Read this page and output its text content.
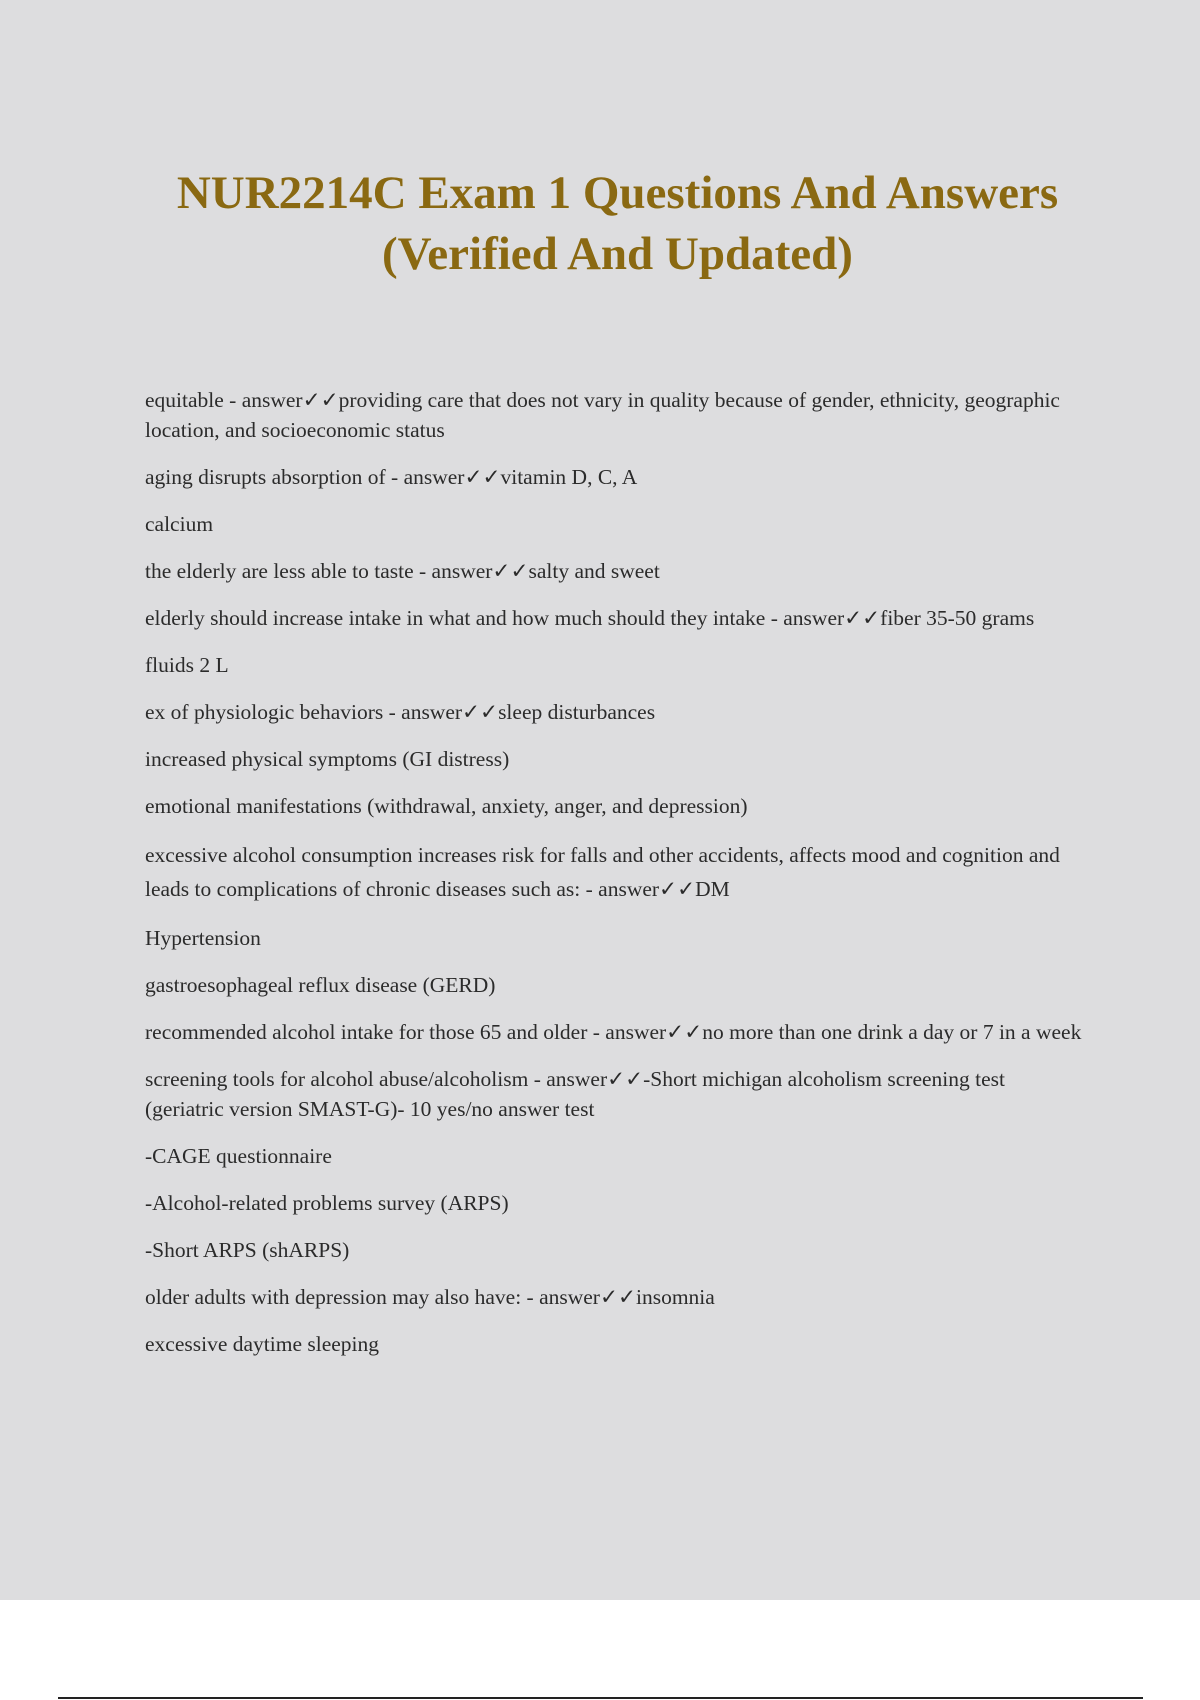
NUR2214C Exam 1 Questions And Answers
(Verified And Updated)

equitable - answer✓✓providing care that does not vary in quality because of gender, ethnicity, geographic location, and socioeconomic status

aging disrupts absorption of - answer✓✓vitamin D, C, A

calcium

the elderly are less able to taste - answer✓✓salty and sweet

elderly should increase intake in what and how much should they intake - answer✓✓fiber 35-50 grams

fluids 2 L

ex of physiologic behaviors - answer✓✓sleep disturbances

increased physical symptoms (GI distress)

emotional manifestations (withdrawal, anxiety, anger, and depression)

excessive alcohol consumption increases risk for falls and other accidents, affects mood and cognition and leads to complications of chronic diseases such as: - answer✓✓DM

Hypertension

gastroesophageal reflux disease (GERD)

recommended alcohol intake for those 65 and older - answer✓✓no more than one drink a day or 7 in a week

screening tools for alcohol abuse/alcoholism - answer✓✓-Short michigan alcoholism screening test (geriatric version SMAST-G)- 10 yes/no answer test

-CAGE questionnaire

-Alcohol-related problems survey (ARPS)

-Short ARPS (shARPS)

older adults with depression may also have: - answer✓✓insomnia

excessive daytime sleeping
